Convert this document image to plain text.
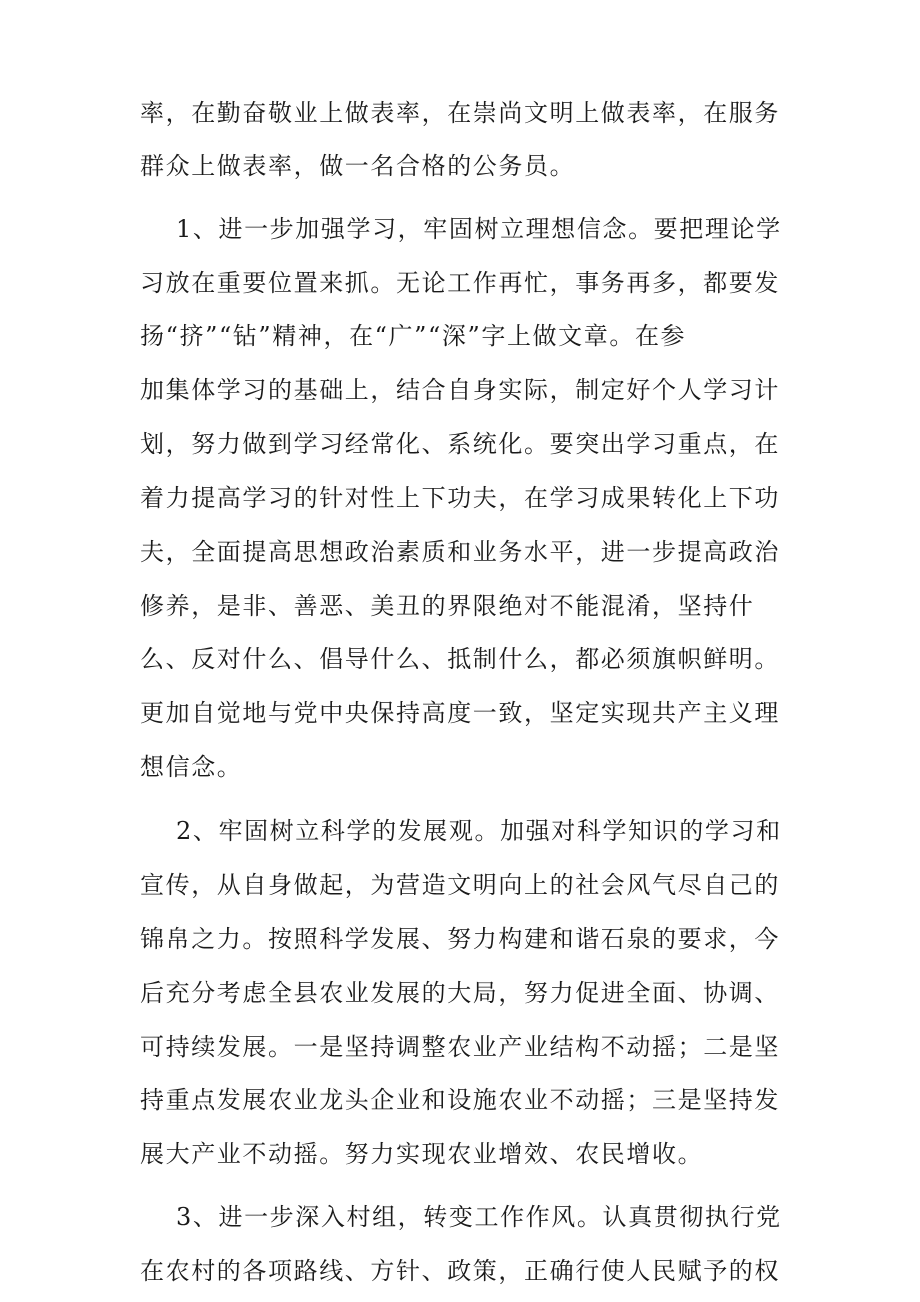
率，在勤奋敬业上做表率，在崇尚文明上做表率，在服务
群众上做表率，做一名合格的公务员。
1、进一步加强学习，牢固树立理想信念。要把理论学
习放在重要位置来抓。无论工作再忙，事务再多，都要发
扬“挤”“钻”精神，在“广”“深”字上做文章。在参
加集体学习的基础上，结合自身实际，制定好个人学习计
划，努力做到学习经常化、系统化。要突出学习重点，在
着力提高学习的针对性上下功夫，在学习成果转化上下功
夫，全面提高思想政治素质和业务水平，进一步提高政治
修养，是非、善恶、美丑的界限绝对不能混淆，坚持什
么、反对什么、倡导什么、抵制什么，都必须旗帜鲜明。
更加自觉地与党中央保持高度一致，坚定实现共产主义理
想信念。
2、牢固树立科学的发展观。加强对科学知识的学习和
宣传，从自身做起，为营造文明向上的社会风气尽自己的
锦帛之力。按照科学发展、努力构建和谐石泉的要求，今
后充分考虑全县农业发展的大局，努力促进全面、协调、
可持续发展。一是坚持调整农业产业结构不动摇；二是坚
持重点发展农业龙头企业和设施农业不动摇；三是坚持发
展大产业不动摇。努力实现农业增效、农民增收。
3、进一步深入村组，转变工作作风。认真贯彻执行党
在农村的各项路线、方针、政策，正确行使人民赋予的权
